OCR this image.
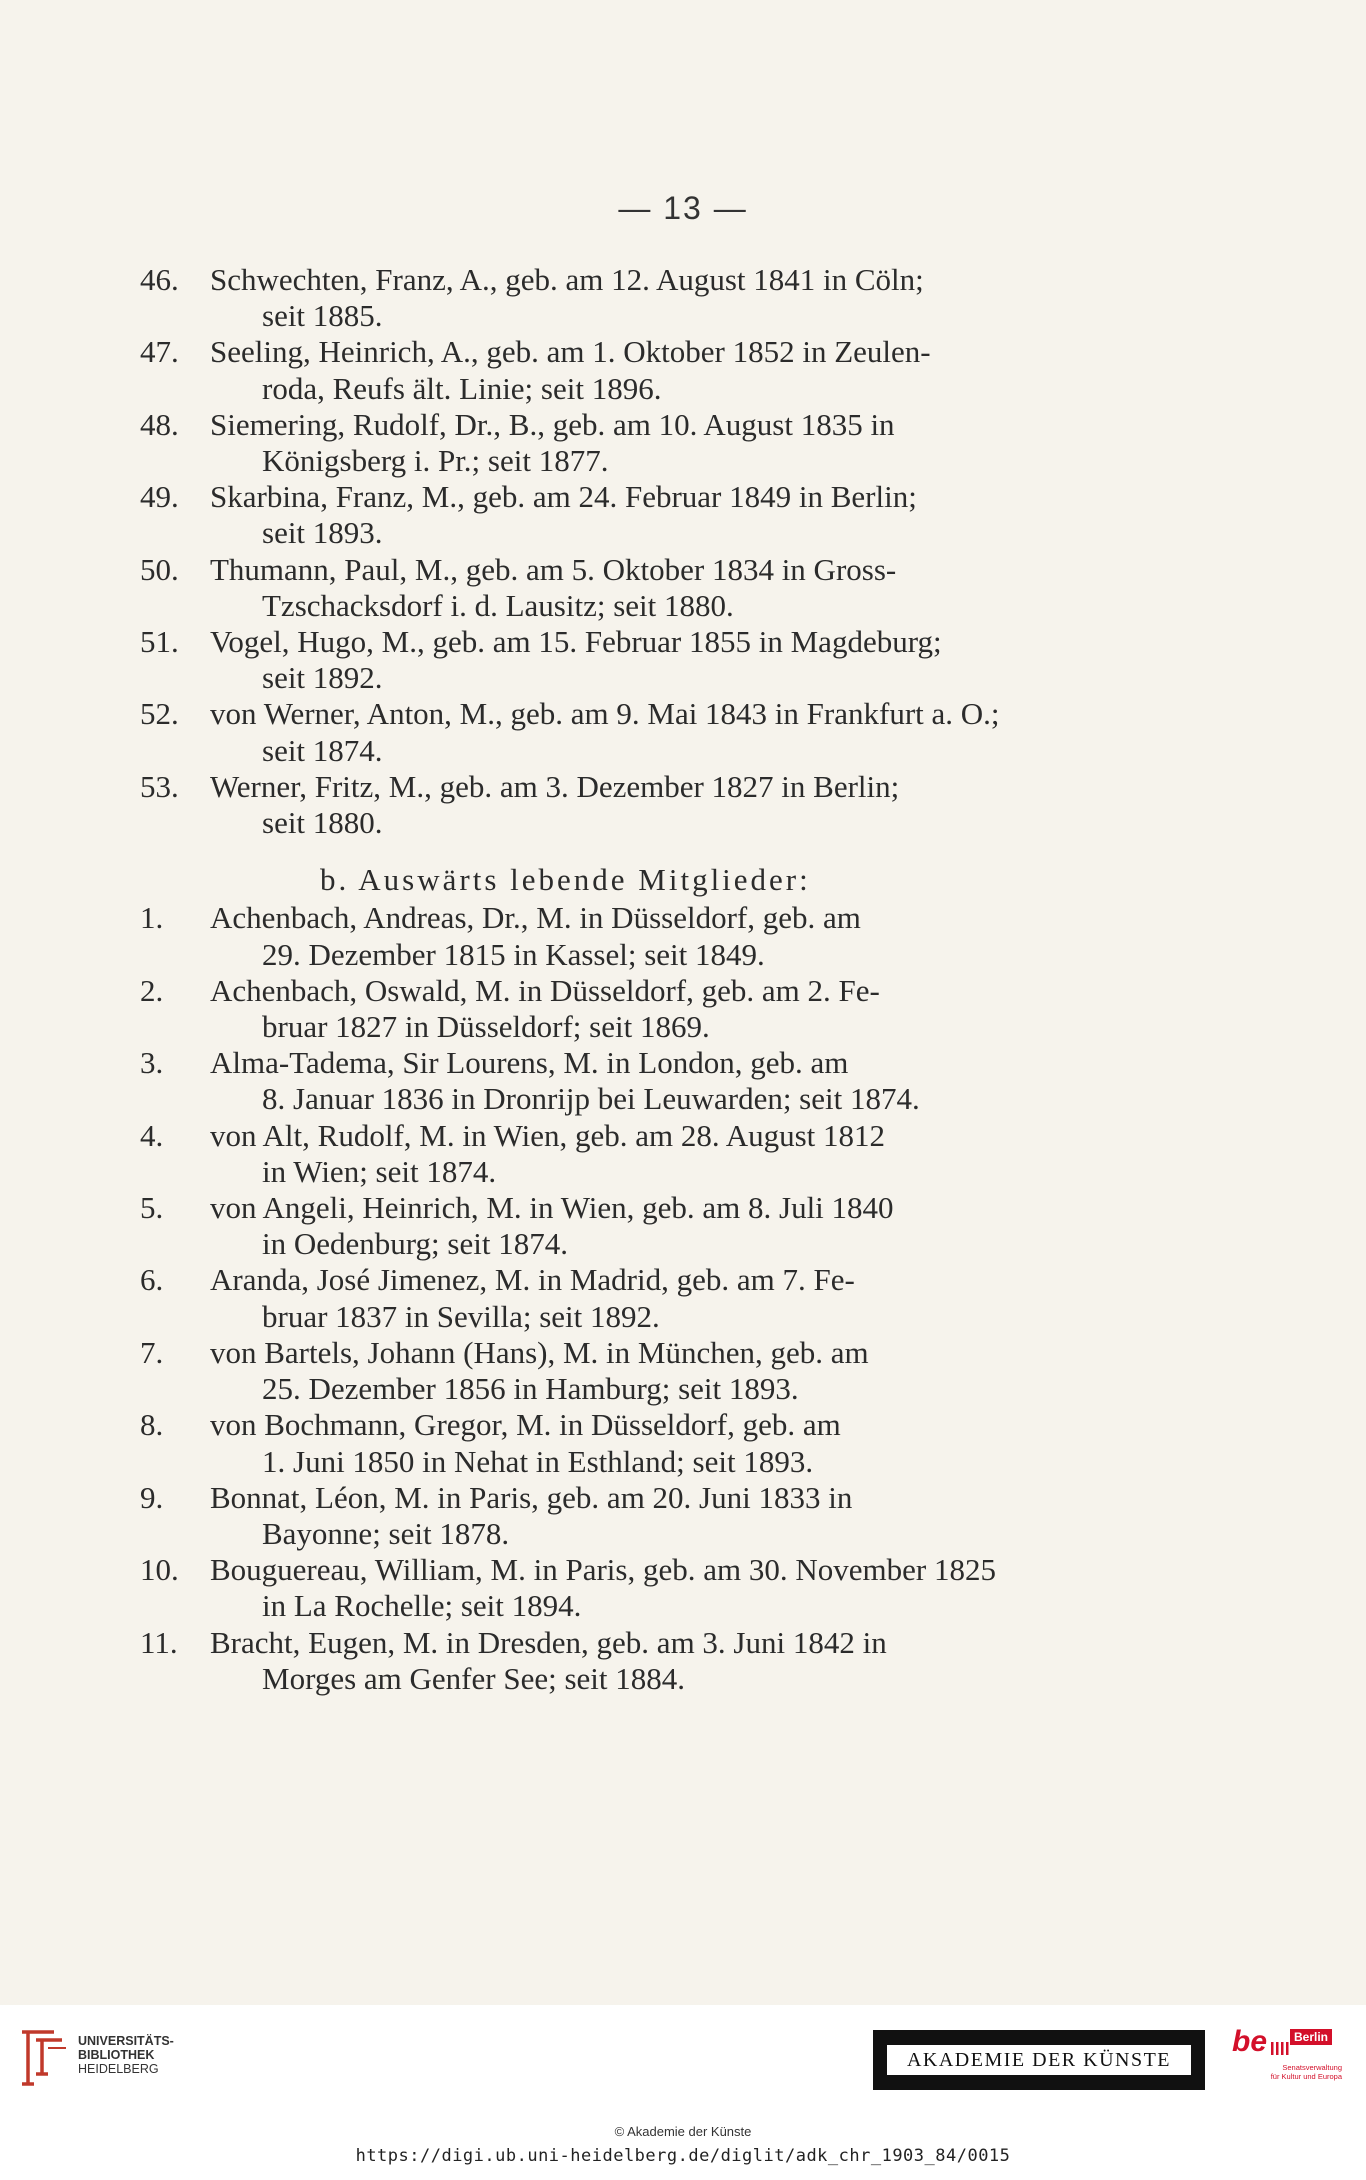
— 13 —
46.	Schwechten, Franz, A., geb. am 12. August 1841 in Cöln;
seit 1885.
47.	Seeling, Heinrich, A., geb. am 1. Oktober 1852 in Zeulen-
roda, Reufs ält. Linie; seit 1896.
48.	Siemering, Rudolf, Dr., B., geb. am 10. August 1835 in
Königsberg i. Pr.; seit 1877.
49.	Skarbina, Franz, M., geb. am 24. Februar 1849 in Berlin;
seit 1893.
50.	Thumann, Paul, M., geb. am 5. Oktober 1834 in Gross-
Tzschacksdorf i. d. Lausitz; seit 1880.
51.	Vogel, Hugo, M., geb. am 15. Februar 1855 in Magdeburg;
seit 1892.
52.	von Werner, Anton, M., geb. am 9. Mai 1843 in Frankfurt a. O.;
seit 1874.
53.	Werner, Fritz, M., geb. am 3. Dezember 1827 in Berlin;
seit 1880.
b. Auswärts lebende Mitglieder:
1.	Achenbach, Andreas, Dr., M. in Düsseldorf, geb. am
29. Dezember 1815 in Kassel; seit 1849.
2.	Achenbach, Oswald, M. in Düsseldorf, geb. am 2. Fe-
bruar 1827 in Düsseldorf; seit 1869.
3.	Alma-Tadema, Sir Lourens, M. in London, geb. am
8. Januar 1836 in Dronrijp bei Leuwarden; seit 1874.
4.	von Alt, Rudolf, M. in Wien, geb. am 28. August 1812
in Wien; seit 1874.
5.	von Angeli, Heinrich, M. in Wien, geb. am 8. Juli 1840
in Oedenburg; seit 1874.
6.	Aranda, José Jimenez, M. in Madrid, geb. am 7. Fe-
bruar 1837 in Sevilla; seit 1892.
7.	von Bartels, Johann (Hans), M. in München, geb. am
25. Dezember 1856 in Hamburg; seit 1893.
8.	von Bochmann, Gregor, M. in Düsseldorf, geb. am
1. Juni 1850 in Nehat in Esthland; seit 1893.
9.	Bonnat, Léon, M. in Paris, geb. am 20. Juni 1833 in
Bayonne; seit 1878.
10.	Bouguereau, William, M. in Paris, geb. am 30. November 1825
in La Rochelle; seit 1894.
11.	Bracht, Eugen, M. in Dresden, geb. am 3. Juni 1842 in
Morges am Genfer See; seit 1884.
UNIVERSITÄTS-
BIBLIOTHEK
HEIDELBERG	AKADEMIE DER KÜNSTE
be	Berlin
Senatsverwaltung
für Kultur und Europa
© Akademie der Künste
https://digi.ub.uni-heidelberg.de/diglit/adk_chr_1903_84/0015
